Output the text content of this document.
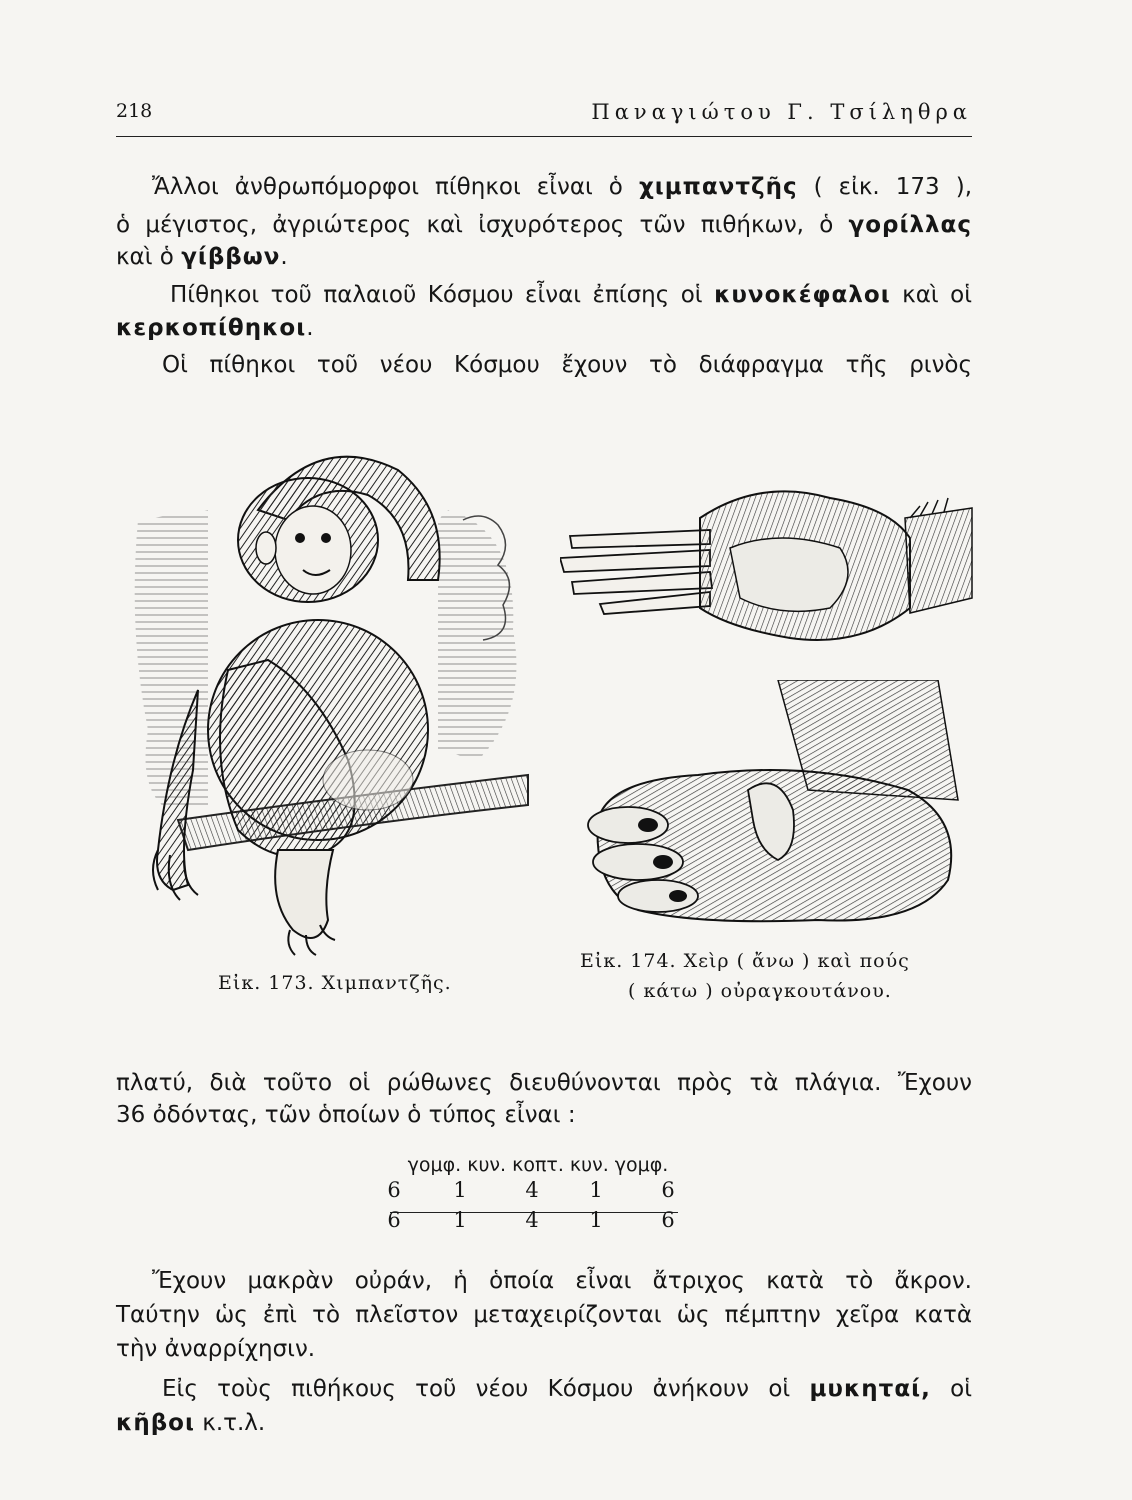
218	Παναγιώτου Γ. Τσίληθρα
Ἄλλοι ἀνθρωπόμορφοι πίθηκοι εἶναι ὁ χιμπαντζῆς ( εἰκ. 173 ),
ὁ μέγιστος, ἀγριώτερος καὶ ἰσχυρότερος τῶν πιθήκων, ὁ γορίλλας
καὶ ὁ γίββων.
Πίθηκοι τοῦ παλαιοῦ Κόσμου εἶναι ἐπίσης οἱ κυνοκέφαλοι καὶ οἱ
κερκοπίθηκοι.
Οἱ πίθηκοι τοῦ νέου Κόσμου ἔχουν τὸ διάφραγμα τῆς ρινὸς
Εἰκ. 173. Χιμπαντζῆς.
Εἰκ. 174. Χεὶρ ( ἄνω ) καὶ πούς
( κάτω ) οὐραγκουτάνου.
πλατύ, διὰ τοῦτο οἱ ρώθωνες διευθύνονται πρὸς τὰ πλάγια. Ἔχουν
36 ὀδόντας, τῶν ὁποίων ὁ τύπος εἶναι :
γομφ. κυν. κοπτ. κυν. γομφ.
6	1	4 1	6
6	1	4 1	6
Ἔχουν μακρὰν οὐράν, ἡ ὁποία εἶναι ἄτριχος κατὰ τὸ ἄκρον.
Ταύτην ὡς ἐπὶ τὸ πλεῖστον μεταχειρίζονται ὡς πέμπτην χεῖρα κατὰ
τὴν ἀναρρίχησιν.
Εἰς τοὺς πιθήκους τοῦ νέου Κόσμου ἀνήκουν οἱ μυκηταί, οἱ
κῆβοι κ.τ.λ.
